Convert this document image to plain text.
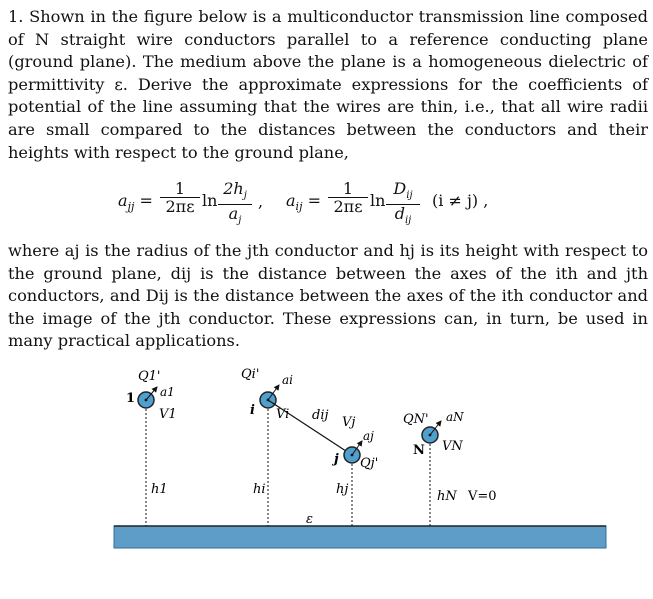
1. Shown in the figure below is a multiconductor transmission line composed of N straight wire conductors parallel to a reference conducting plane (ground plane). The medium above the plane is a homogeneous dielectric of permittivity ε. Derive the approximate expressions for the coefficients of potential of the line assuming that the wires are thin, i.e., that all wire radii are small compared to the distances between the conductors and their heights with respect to the ground plane,
$a_{jj} = \frac{1}{2\pi\varepsilon}$ $\ln \frac{2h_j}{a_j}$ , $a_{ij} = \frac{1}{2\pi\varepsilon}$ ln
$D_{ij}$
$d_{ij}$
(i ≠ j) ,
where aj is the radius of the jth conductor and hj is its height with respect to the ground plane, dij is the distance between the axes of the ith and jth conductors, and Dij is the distance between the axes of the ith conductor and the image of the jth conductor. These expressions can, in turn, be used in many practical applications.
Q1'
a1
1
V1
h1
Qi' ai
i Vi
hi
dij Vj
aj
j Qj'
hj
ε
QN' aN
N VN
hN V=0
